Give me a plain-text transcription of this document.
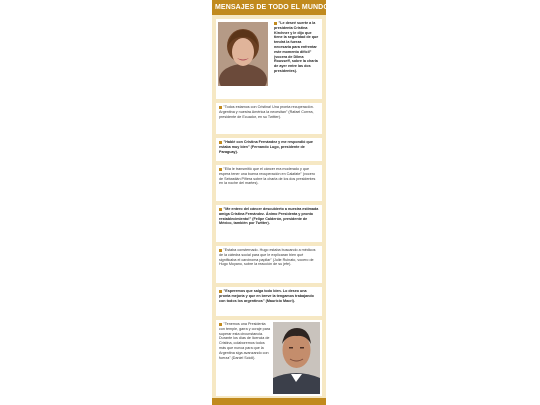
MENSAJES DE TODO EL MUNDO
"Le deseé suerte a la presidenta Cristina Kirchner y le dijo que tiene la seguridad de que tendrá la fuerza necesaria para enfrentar este momento difícil" (vocera de Dilma Rousseff, sobre la charla de ayer entre las dos presidentes).
"Todos estamos con Cristina! Una pronta recuperación. Argentina y nuestra América la necesitan" (Rafael Correa, presidente de Ecuador, en su Twitter).
"Hablé con Cristina Fernández y me respondió que estaba muy bien" (Fernando Lugo, presidente de Paraguay).
"Ella le transmitió que el cáncer era moderado y que espera tener una buena recuperación en Calafate" (vocero de Sebastián Piñera sobre la charla de los dos presidentes en la noche del martes).
"Me entero del cáncer descubierto a nuestra estimada amiga Cristina Fernández. Ánimo Presidenta y pronto restablecimiento!" (Felipe Calderón, presidente de México, también por Twitter).
"Estaba consternado. Hugo estaba buscando a médicos de la cátedra social para que le explicaran bien qué significaba el carcinoma papilar" (Julie Ruinato, vocero de Hugo Moyano, sobre la reacción de su jefe).
"Esperemos que salga todo bien. Lo deseo una pronta mejoría y que en breve la tengamos trabajando con todos los argentinos" (Mauricio Macri).
"Tenemos una Presidenta con temple, garra y coraje para superar esta circunstancia. Durante los días de licencia de Cristina, colaboremos todos más que nunca para que la Argentina siga avanzando con fuerza" (Daniel Scioli).
